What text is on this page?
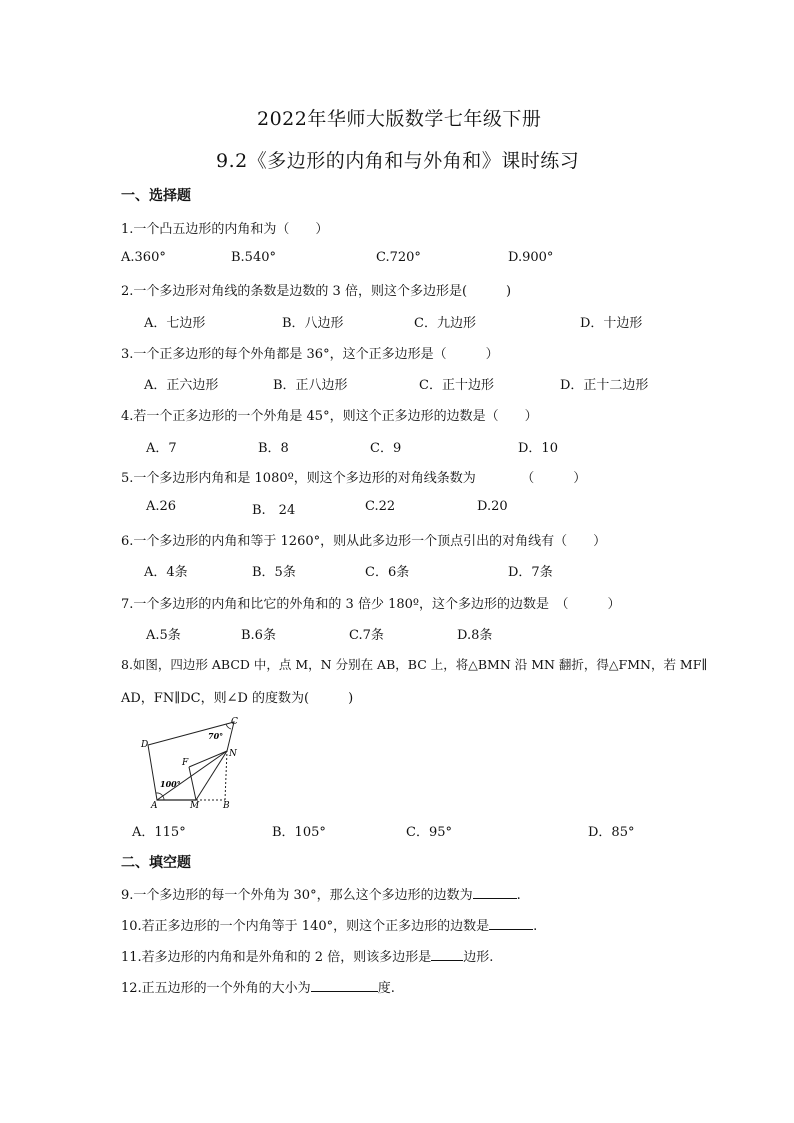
2022年华师大版数学七年级下册
9.2《多边形的内角和与外角和》课时练习
一、选择题
1.一个凸五边形的内角和为（　　）
A.360°	B.540°	C.720°	D.900°
2.一个多边形对角线的条数是边数的 3 倍，则这个多边形是(　　　)
A．七边形	B．八边形	C．九边形	D．十边形
3.一个正多边形的每个外角都是 36°，这个正多边形是（　　　）
A．正六边形	B．正八边形	C．正十边形	D．正十二边形
4.若一个正多边形的一个外角是 45°，则这个正多边形的边数是（　　）
A．7	B．8	C．9	D．10
5.一个多边形内角和是 1080º，则这个多边形的对角线条数为　　　　（　　　）
A.26	B.　24	C.22	D.20
6.一个多边形的内角和等于 1260°，则从此多边形一个顶点引出的对角线有（　　）
A．4条	B．5条	C．6条	D．7条
7.一个多边形的内角和比它的外角和的 3 倍少 180º，这个多边形的边数是　（　　　）
A.5条	B.6条	C.7条	D.8条
8.如图，四边形 ABCD 中，点 M，N 分别在 AB，BC 上，将△BMN 沿 MN 翻折，得△FMN，若 MF∥
AD，FN∥DC，则∠D 的度数为(　　　)
C
D
N
F
A	M	B
70°
100°
A．115°	B．105°	C．95°	D．85°
二、填空题
9.一个多边形的每一个外角为 30°，那么这个多边形的边数为	.
10.若正多边形的一个内角等于 140°，则这个正多边形的边数是	.
11.若多边形的内角和是外角和的 2 倍，则该多边形是 边形.
12.正五边形的一个外角的大小为	度.
